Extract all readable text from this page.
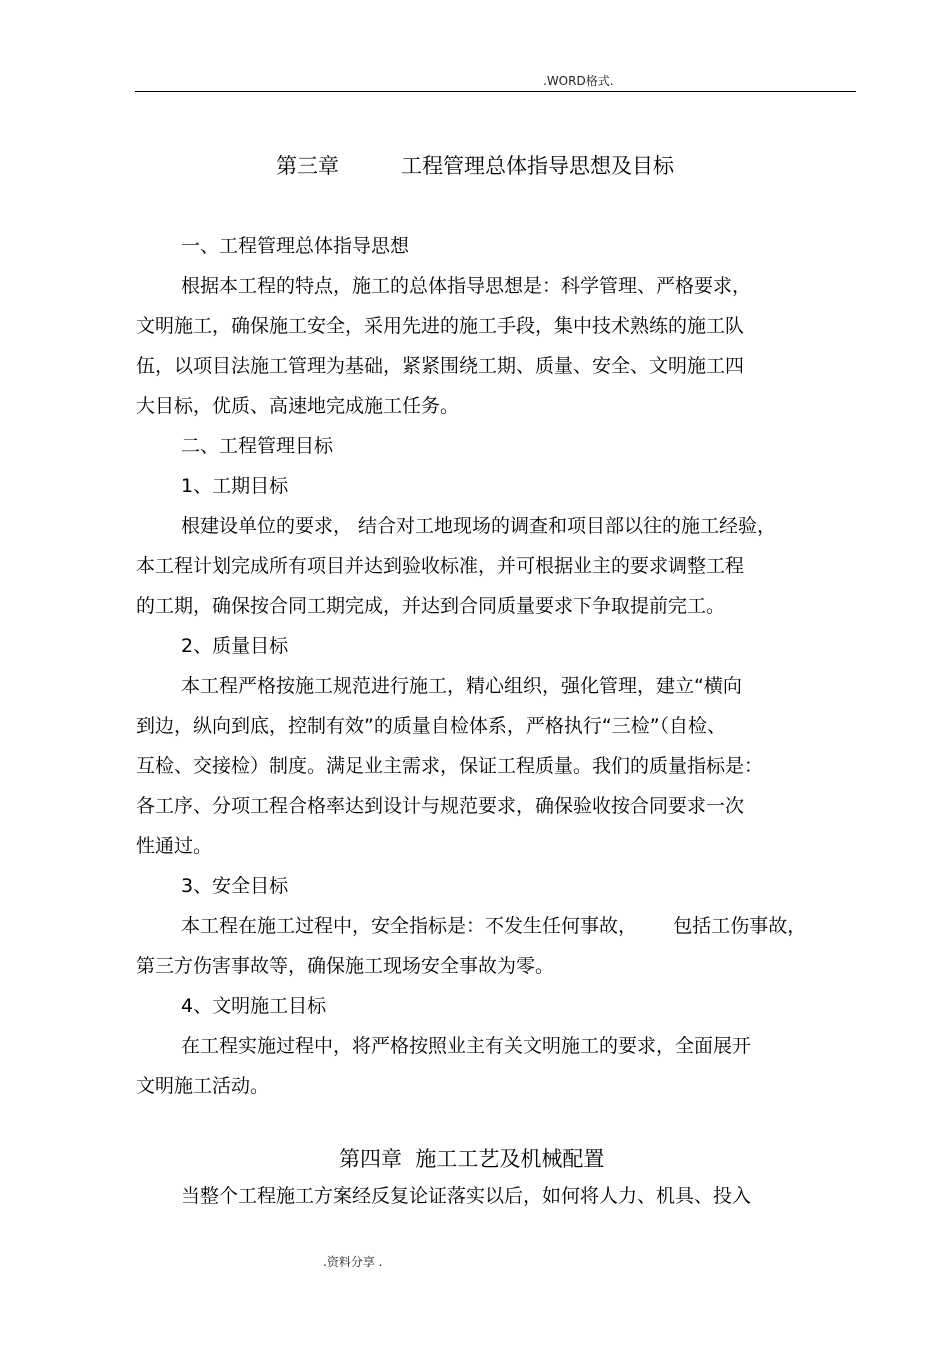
.WORD格式.
第三章	工程管理总体指导思想及目标
一、工程管理总体指导思想
根据本工程的特点，施工的总体指导思想是：科学管理、严格要求，
文明施工，确保施工安全，采用先进的施工手段，集中技术熟练的施工队
伍，以项目法施工管理为基础，紧紧围绕工期、质量、安全、文明施工四
大目标，优质、高速地完成施工任务。
二、工程管理目标
1、工期目标
根建设单位的要求， 结合对工地现场的调查和项目部以往的施工经验，
本工程计划完成所有项目并达到验收标准，并可根据业主的要求调整工程
的工期，确保按合同工期完成，并达到合同质量要求下争取提前完工。
2、质量目标
本工程严格按施工规范进行施工，精心组织，强化管理，建立“横向
到边，纵向到底，控制有效”的质量自检体系，严格执行“三检”（自检、
互检、交接检）制度。满足业主需求，保证工程质量。我们的质量指标是：
各工序、分项工程合格率达到设计与规范要求，确保验收按合同要求一次
性通过。
3、安全目标
本工程在施工过程中，安全指标是：不发生任何事故，      包括工伤事故，
第三方伤害事故等，确保施工现场安全事故为零。
4、文明施工目标
在工程实施过程中，将严格按照业主有关文明施工的要求，全面展开
文明施工活动。
第四章  施工工艺及机械配置
当整个工程施工方案经反复论证落实以后，如何将人力、机具、投入
.资料分享 .
